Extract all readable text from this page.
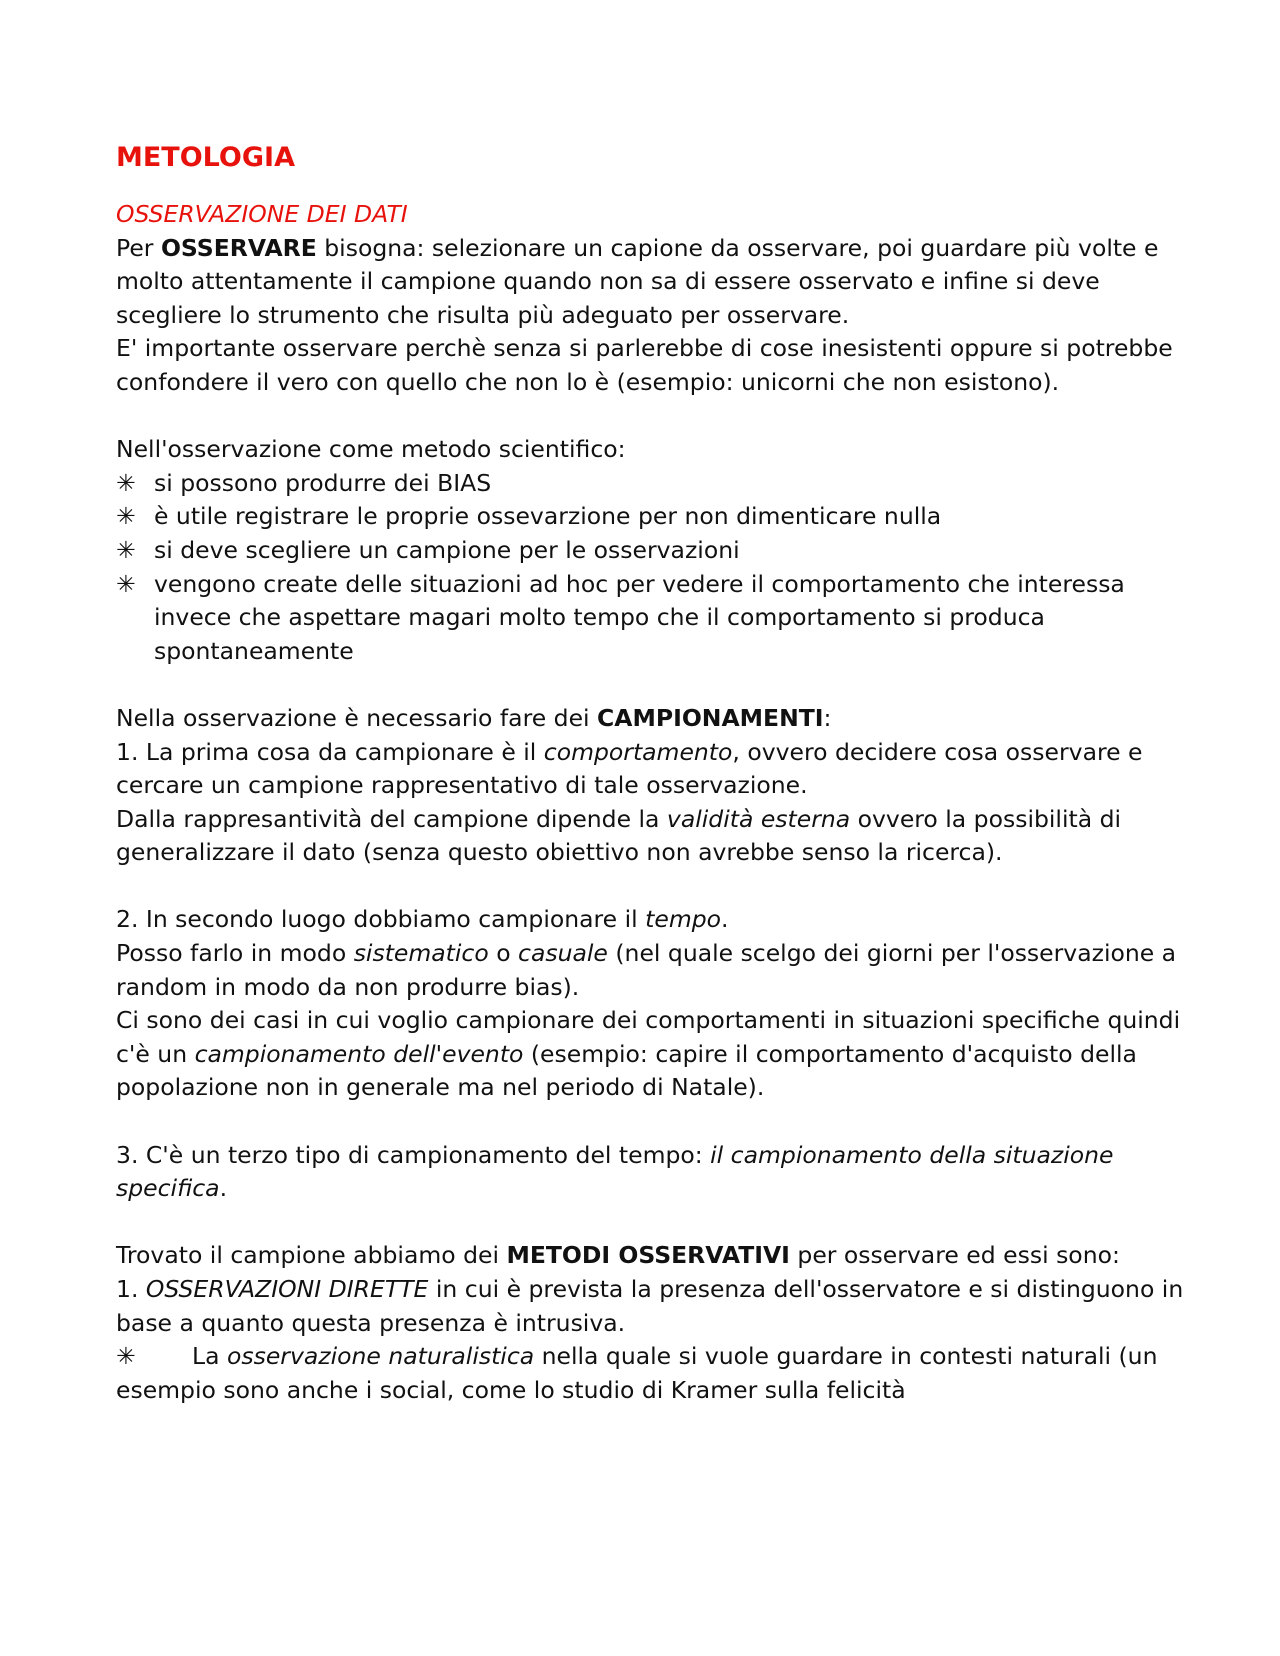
METOLOGIA

OSSERVAZIONE DEI DATI

Per OSSERVARE bisogna: selezionare un capione da osservare, poi guardare più volte e molto attentamente il campione quando non sa di essere osservato e infine si deve scegliere lo strumento che risulta più adeguato per osservare.

E' importante osservare perchè senza si parlerebbe di cose inesistenti oppure si potrebbe confondere il vero con quello che non lo è (esempio: unicorni che non esistono).

Nell'osservazione come metodo scientifico:

✳ si possono produrre dei BIAS
✳ è utile registrare le proprie ossevarzione per non dimenticare nulla
✳ si deve scegliere un campione per le osservazioni
✳ vengono create delle situazioni ad hoc per vedere il comportamento che interessa invece che aspettare magari molto tempo che il comportamento si produca spontaneamente

Nella osservazione è necessario fare dei CAMPIONAMENTI:

1. La prima cosa da campionare è il comportamento, ovvero decidere cosa osservare e cercare un campione rappresentativo di tale osservazione.

Dalla rappresantività del campione dipende la validità esterna ovvero la possibilità di generalizzare il dato (senza questo obiettivo non avrebbe senso la ricerca).

2. In secondo luogo dobbiamo campionare il tempo.

Posso farlo in modo sistematico o casuale (nel quale scelgo dei giorni per l'osservazione a random in modo da non produrre bias).

Ci sono dei casi in cui voglio campionare dei comportamenti in situazioni specifiche quindi c'è un campionamento dell'evento (esempio: capire il comportamento d'acquisto della popolazione non in generale ma nel periodo di Natale).

3. C'è un terzo tipo di campionamento del tempo: il campionamento della situazione specifica.

Trovato il campione abbiamo dei METODI OSSERVATIVI per osservare ed essi sono:

1. OSSERVAZIONI DIRETTE in cui è prevista la presenza dell'osservatore e si distinguono in base a quanto questa presenza è intrusiva.

✳ La osservazione naturalistica nella quale si vuole guardare in contesti naturali (un esempio sono anche i social, come lo studio di Kramer sulla felicità
